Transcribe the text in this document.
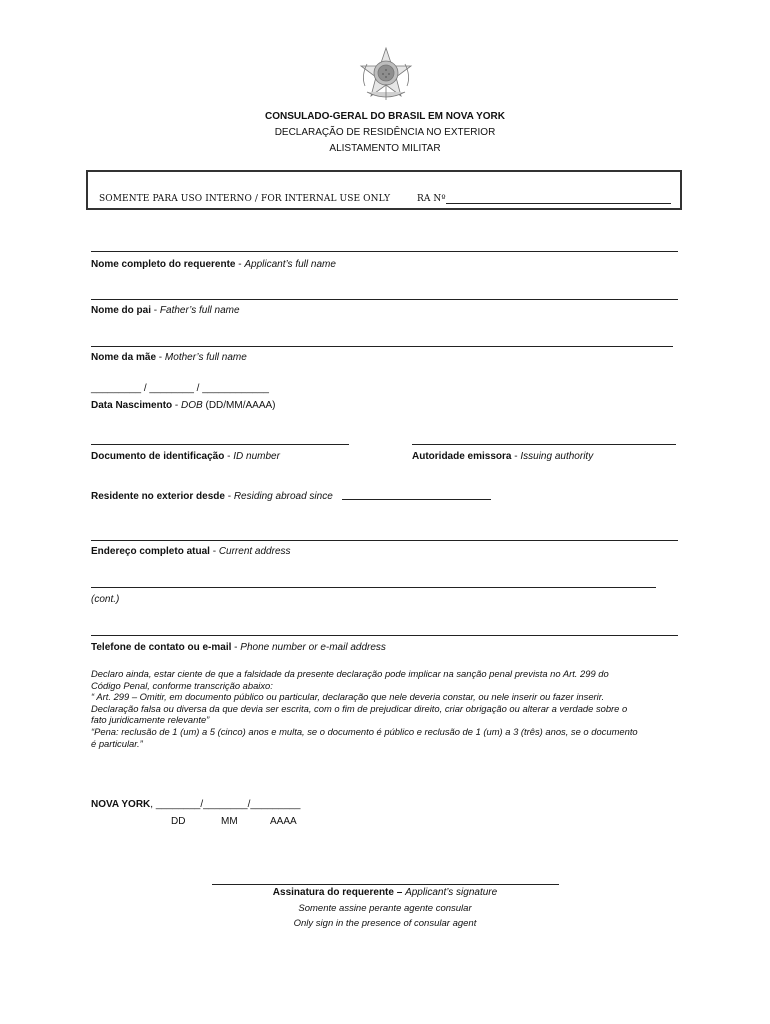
CONSULADO-GERAL DO BRASIL EM NOVA YORK
DECLARAÇÃO DE RESIDÊNCIA NO EXTERIOR
ALISTAMENTO MILITAR
SOMENTE PARA USO INTERNO / FOR INTERNAL USE ONLY	RA Nº
Nome completo do requerente - Applicant’s full name
Nome do pai - Father’s full name
Nome da mãe - Mother’s full name
_________ / ________ / ____________
Data Nascimento - DOB (DD/MM/AAAA)
Documento de identificação - ID number	Autoridade emissora - Issuing authority
Residente no exterior desde - Residing abroad since
Endereço completo atual - Current address
(cont.)
Telefone de contato ou e-mail - Phone number or e-mail address
Declaro ainda, estar ciente de que a falsidade da presente declaração pode implicar na sanção penal prevista no Art. 299 do
Código Penal, conforme transcrição abaixo:
“ Art. 299 – Omitir, em documento público ou particular, declaração que nele deveria constar, ou nele inserir ou fazer inserir.
Declaração falsa ou diversa da que devia ser escrita, com o fim de prejudicar direito, criar obrigação ou alterar a verdade sobre o
fato juridicamente relevante”
“Pena: reclusão de 1 (um) a 5 (cinco) anos e multa, se o documento é público e reclusão de 1 (um) a 3 (três) anos, se o documento
é particular.”
NOVA YORK, ________/________/_________
DD	MM	AAAA
Assinatura do requerente – Applicant’s signature
Somente assine perante agente consular
Only sign in the presence of consular agent
